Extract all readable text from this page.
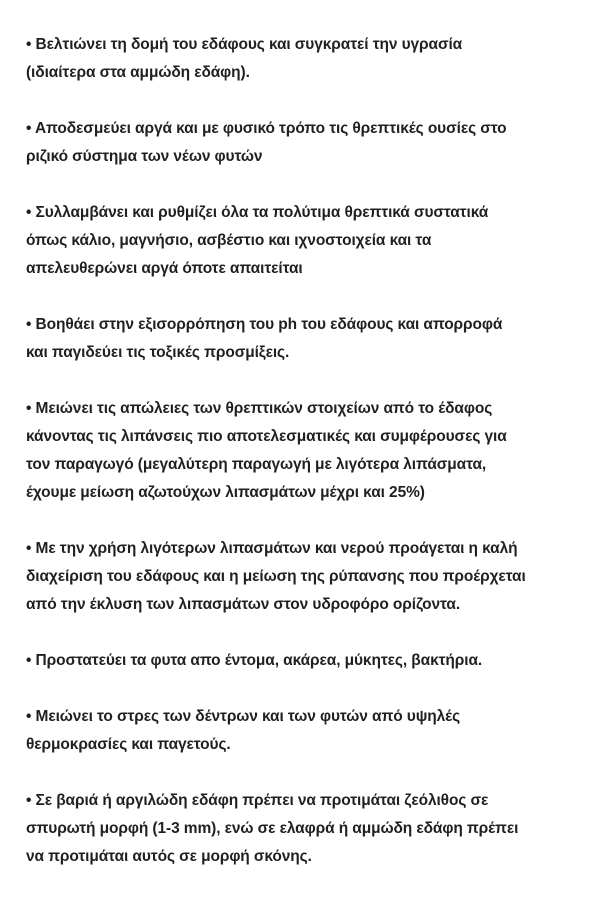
• Βελτιώνει τη δομή του εδάφους και συγκρατεί την υγρασία
(ιδιαίτερα στα αμμώδη εδάφη).

• Αποδεσμεύει αργά και με φυσικό τρόπο τις θρεπτικές ουσίες στο
ριζικό σύστημα των νέων φυτών

• Συλλαμβάνει και ρυθμίζει όλα τα πολύτιμα θρεπτικά συστατικά
όπως κάλιο, μαγνήσιο, ασβέστιο και ιχνοστοιχεία και τα
απελευθερώνει αργά όποτε απαιτείται

• Βοηθάει στην εξισορρόπηση του ph του εδάφους και απορροφά
και παγιδεύει τις τοξικές προσμίξεις.

• Μειώνει τις απώλειες των θρεπτικών στοιχείων από το έδαφος
κάνοντας τις λιπάνσεις πιο αποτελεσματικές και συμφέρουσες για
τον παραγωγό (μεγαλύτερη παραγωγή με λιγότερα λιπάσματα,
έχουμε μείωση αζωτούχων λιπασμάτων μέχρι και 25%)

• Με την χρήση λιγότερων λιπασμάτων και νερού προάγεται η καλή
διαχείριση του εδάφους και η μείωση της ρύπανσης που προέρχεται
από την έκλυση των λιπασμάτων στον υδροφόρο ορίζοντα.

• Προστατεύει τα φυτα απο έντομα, ακάρεα, μύκητες, βακτήρια.

• Μειώνει το στρες των δέντρων και των φυτών από υψηλές
θερμοκρασίες και παγετούς.

• Σε βαριά ή αργιλώδη εδάφη πρέπει να προτιμάται ζεόλιθος σε
σπυρωτή μορφή (1-3 mm), ενώ σε ελαφρά ή αμμώδη εδάφη πρέπει
να προτιμάται αυτός σε μορφή σκόνης.
